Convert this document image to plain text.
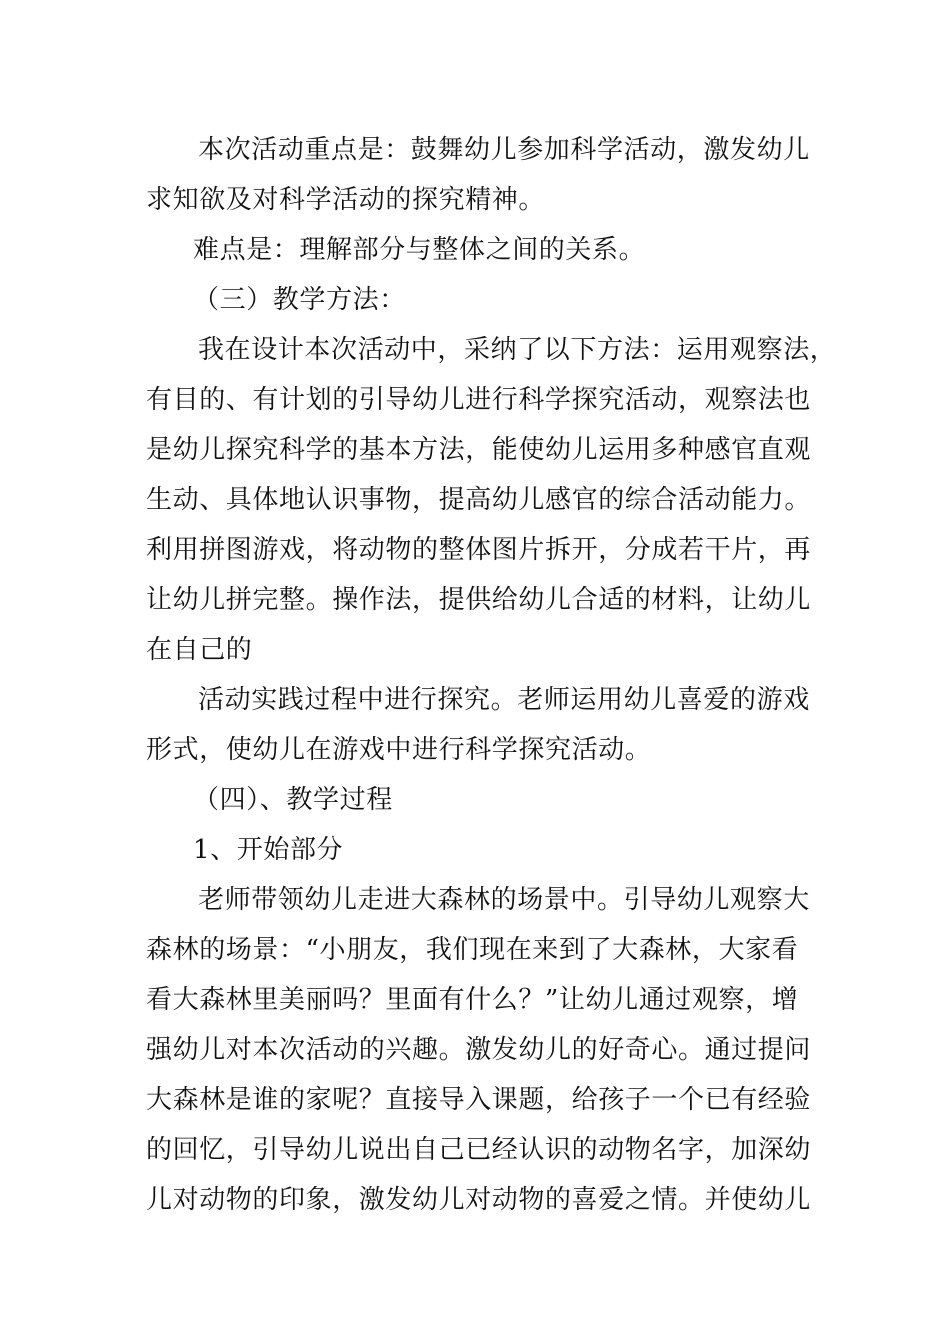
本次活动重点是：鼓舞幼儿参加科学活动，激发幼儿
求知欲及对科学活动的探究精神。
难点是：理解部分与整体之间的关系。
（三）教学方法：
我在设计本次活动中，采纳了以下方法：运用观察法，
有目的、有计划的引导幼儿进行科学探究活动，观察法也
是幼儿探究科学的基本方法，能使幼儿运用多种感官直观
生动、具体地认识事物，提高幼儿感官的综合活动能力。
利用拼图游戏，将动物的整体图片拆开，分成若干片，再
让幼儿拼完整。操作法，提供给幼儿合适的材料，让幼儿
在自己的
活动实践过程中进行探究。老师运用幼儿喜爱的游戏
形式，使幼儿在游戏中进行科学探究活动。
（四）、教学过程
1、开始部分
老师带领幼儿走进大森林的场景中。引导幼儿观察大
森林的场景：“小朋友，我们现在来到了大森林，大家看
看大森林里美丽吗？里面有什么？”让幼儿通过观察，增
强幼儿对本次活动的兴趣。激发幼儿的好奇心。通过提问
大森林是谁的家呢？直接导入课题，给孩子一个已有经验
的回忆，引导幼儿说出自己已经认识的动物名字，加深幼
儿对动物的印象，激发幼儿对动物的喜爱之情。并使幼儿
